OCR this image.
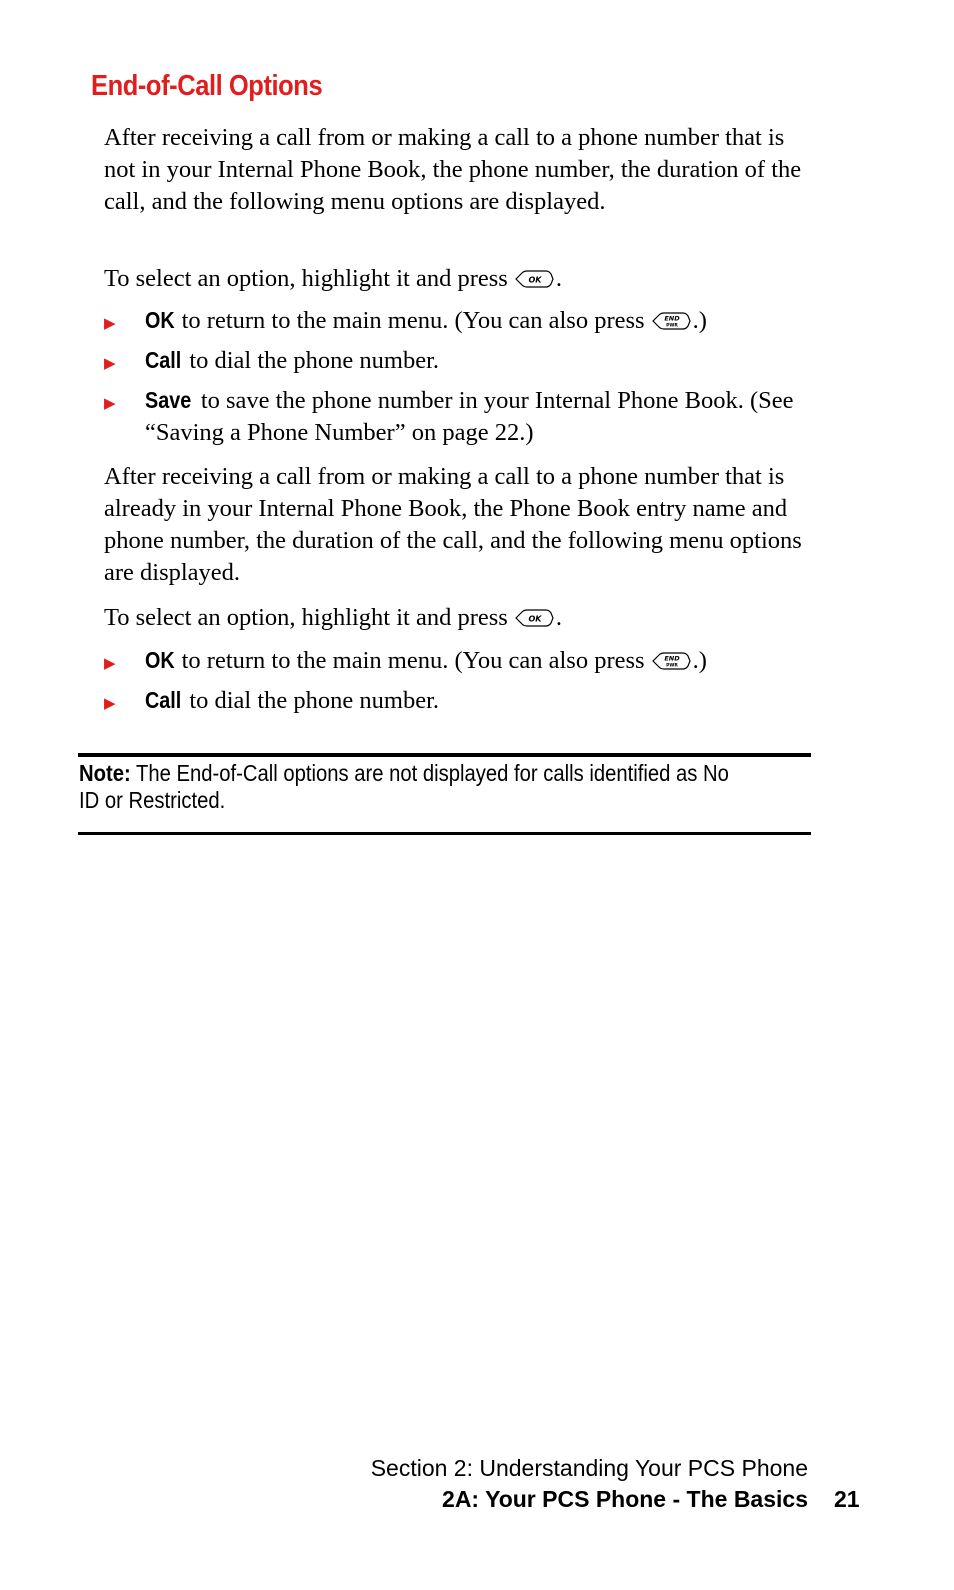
End-of-Call Options

After receiving a call from or making a call to a phone number that is not in your Internal Phone Book, the phone number, the duration of the call, and the following menu options are displayed.

To select an option, highlight it and press	OK .

▶ OK to return to the main menu. (You can also press	END
PWR .)
▶ Call to dial the phone number.
▶ Save to save the phone number in your Internal Phone Book. (See “Saving a Phone Number” on page 22.)

After receiving a call from or making a call to a phone number that is already in your Internal Phone Book, the Phone Book entry name and phone number, the duration of the call, and the following menu options are displayed.

To select an option, highlight it and press	OK .

▶ OK to return to the main menu. (You can also press	END
PWR .)
▶ Call to dial the phone number.

Note: The End-of-Call options are not displayed for calls identified as No ID or Restricted.

Section 2: Understanding Your PCS Phone

2A: Your PCS Phone - The Basics 21
